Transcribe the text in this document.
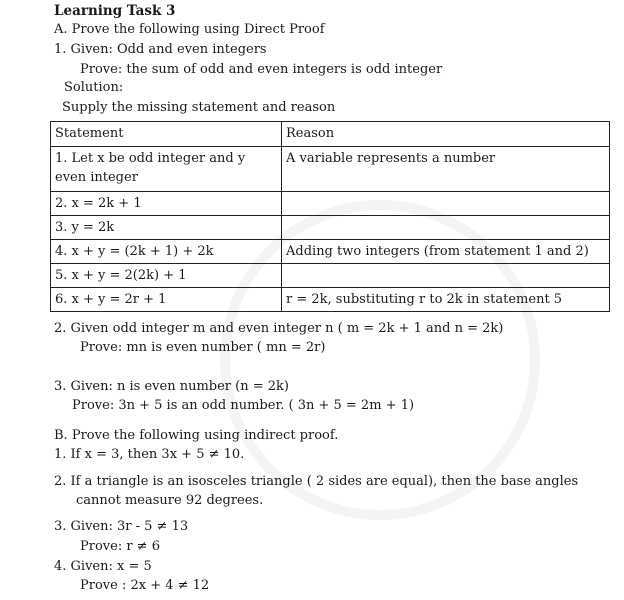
Learning Task 3
A. Prove the following using Direct Proof
1. Given: Odd and even integers
Prove: the sum of odd and even integers is odd integer
Solution:
Supply the missing statement and reason
Statement	Reason

1. Let x be odd integer and y
even integer	A variable represents a number
2. x = 2k + 1	
3. y = 2k	
4. x + y = (2k + 1) + 2k	Adding two integers (from statement 1 and 2)
5. x + y = 2(2k) + 1	
6. x + y = 2r + 1	r = 2k, substituting r to 2k in statement 5
2. Given odd integer m and even integer n ( m = 2k + 1 and n = 2k)
Prove: mn is even number ( mn = 2r)
3. Given: n is even number (n = 2k)
Prove: 3n + 5 is an odd number. ( 3n + 5 = 2m + 1)
B. Prove the following using indirect proof.
1. If x = 3, then 3x + 5 ≠ 10.
2. If a triangle is an isosceles triangle ( 2 sides are equal), then the base angles
cannot measure 92 degrees.
3. Given: 3r - 5 ≠ 13
Prove: r ≠ 6
4. Given: x = 5
Prove : 2x + 4 ≠ 12
